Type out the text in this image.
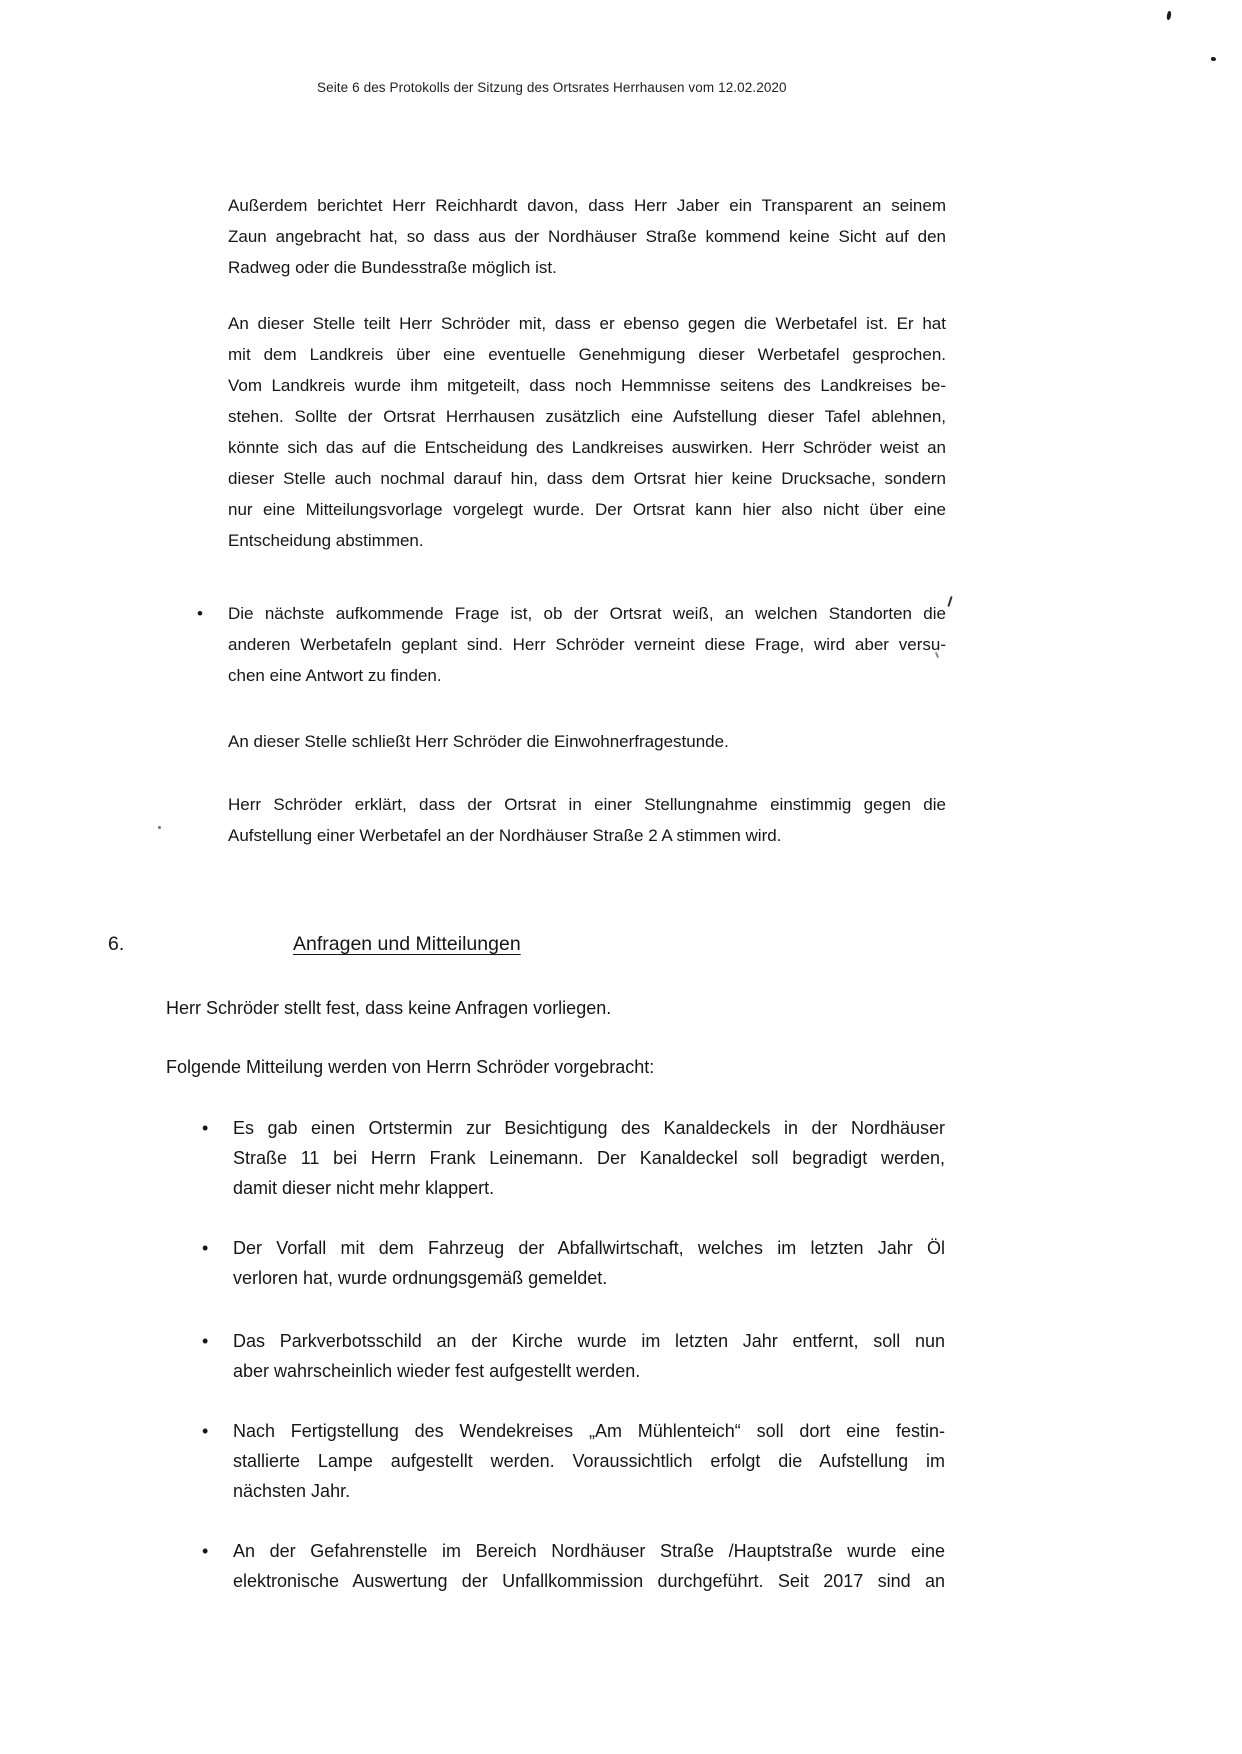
Seite 6 des Protokolls der Sitzung des Ortsrates Herrhausen vom 12.02.2020
Außerdem berichtet Herr Reichhardt davon, dass Herr Jaber ein Transparent an seinem
Zaun angebracht hat, so dass aus der Nordhäuser Straße kommend keine Sicht auf den
Radweg oder die Bundesstraße möglich ist.
An dieser Stelle teilt Herr Schröder mit, dass er ebenso gegen die Werbetafel ist. Er hat
mit dem Landkreis über eine eventuelle Genehmigung dieser Werbetafel gesprochen.
Vom Landkreis wurde ihm mitgeteilt, dass noch Hemmnisse seitens des Landkreises be-
stehen. Sollte der Ortsrat Herrhausen zusätzlich eine Aufstellung dieser Tafel ablehnen,
könnte sich das auf die Entscheidung des Landkreises auswirken. Herr Schröder weist an
dieser Stelle auch nochmal darauf hin, dass dem Ortsrat hier keine Drucksache, sondern
nur eine Mitteilungsvorlage vorgelegt wurde. Der Ortsrat kann hier also nicht über eine
Entscheidung abstimmen.
•	Die nächste aufkommende Frage ist, ob der Ortsrat weiß, an welchen Standorten die
anderen Werbetafeln geplant sind. Herr Schröder verneint diese Frage, wird aber versu-
chen eine Antwort zu finden.
An dieser Stelle schließt Herr Schröder die Einwohnerfragestunde.
Herr Schröder erklärt, dass der Ortsrat in einer Stellungnahme einstimmig gegen die
Aufstellung einer Werbetafel an der Nordhäuser Straße 2 A stimmen wird.
6.	Anfragen und Mitteilungen
Herr Schröder stellt fest, dass keine Anfragen vorliegen.
Folgende Mitteilung werden von Herrn Schröder vorgebracht:
•	Es gab einen Ortstermin zur Besichtigung des Kanaldeckels in der Nordhäuser
Straße 11 bei Herrn Frank Leinemann. Der Kanaldeckel soll begradigt werden,
damit dieser nicht mehr klappert.
•	Der Vorfall mit dem Fahrzeug der Abfallwirtschaft, welches im letzten Jahr Öl
verloren hat, wurde ordnungsgemäß gemeldet.
•	Das Parkverbotsschild an der Kirche wurde im letzten Jahr entfernt, soll nun
aber wahrscheinlich wieder fest aufgestellt werden.
•	Nach Fertigstellung des Wendekreises „Am Mühlenteich“ soll dort eine festin-
stallierte Lampe aufgestellt werden. Voraussichtlich erfolgt die Aufstellung im
nächsten Jahr.
•	An der Gefahrenstelle im Bereich Nordhäuser Straße /Hauptstraße wurde eine
elektronische Auswertung der Unfallkommission durchgeführt. Seit 2017 sind an
